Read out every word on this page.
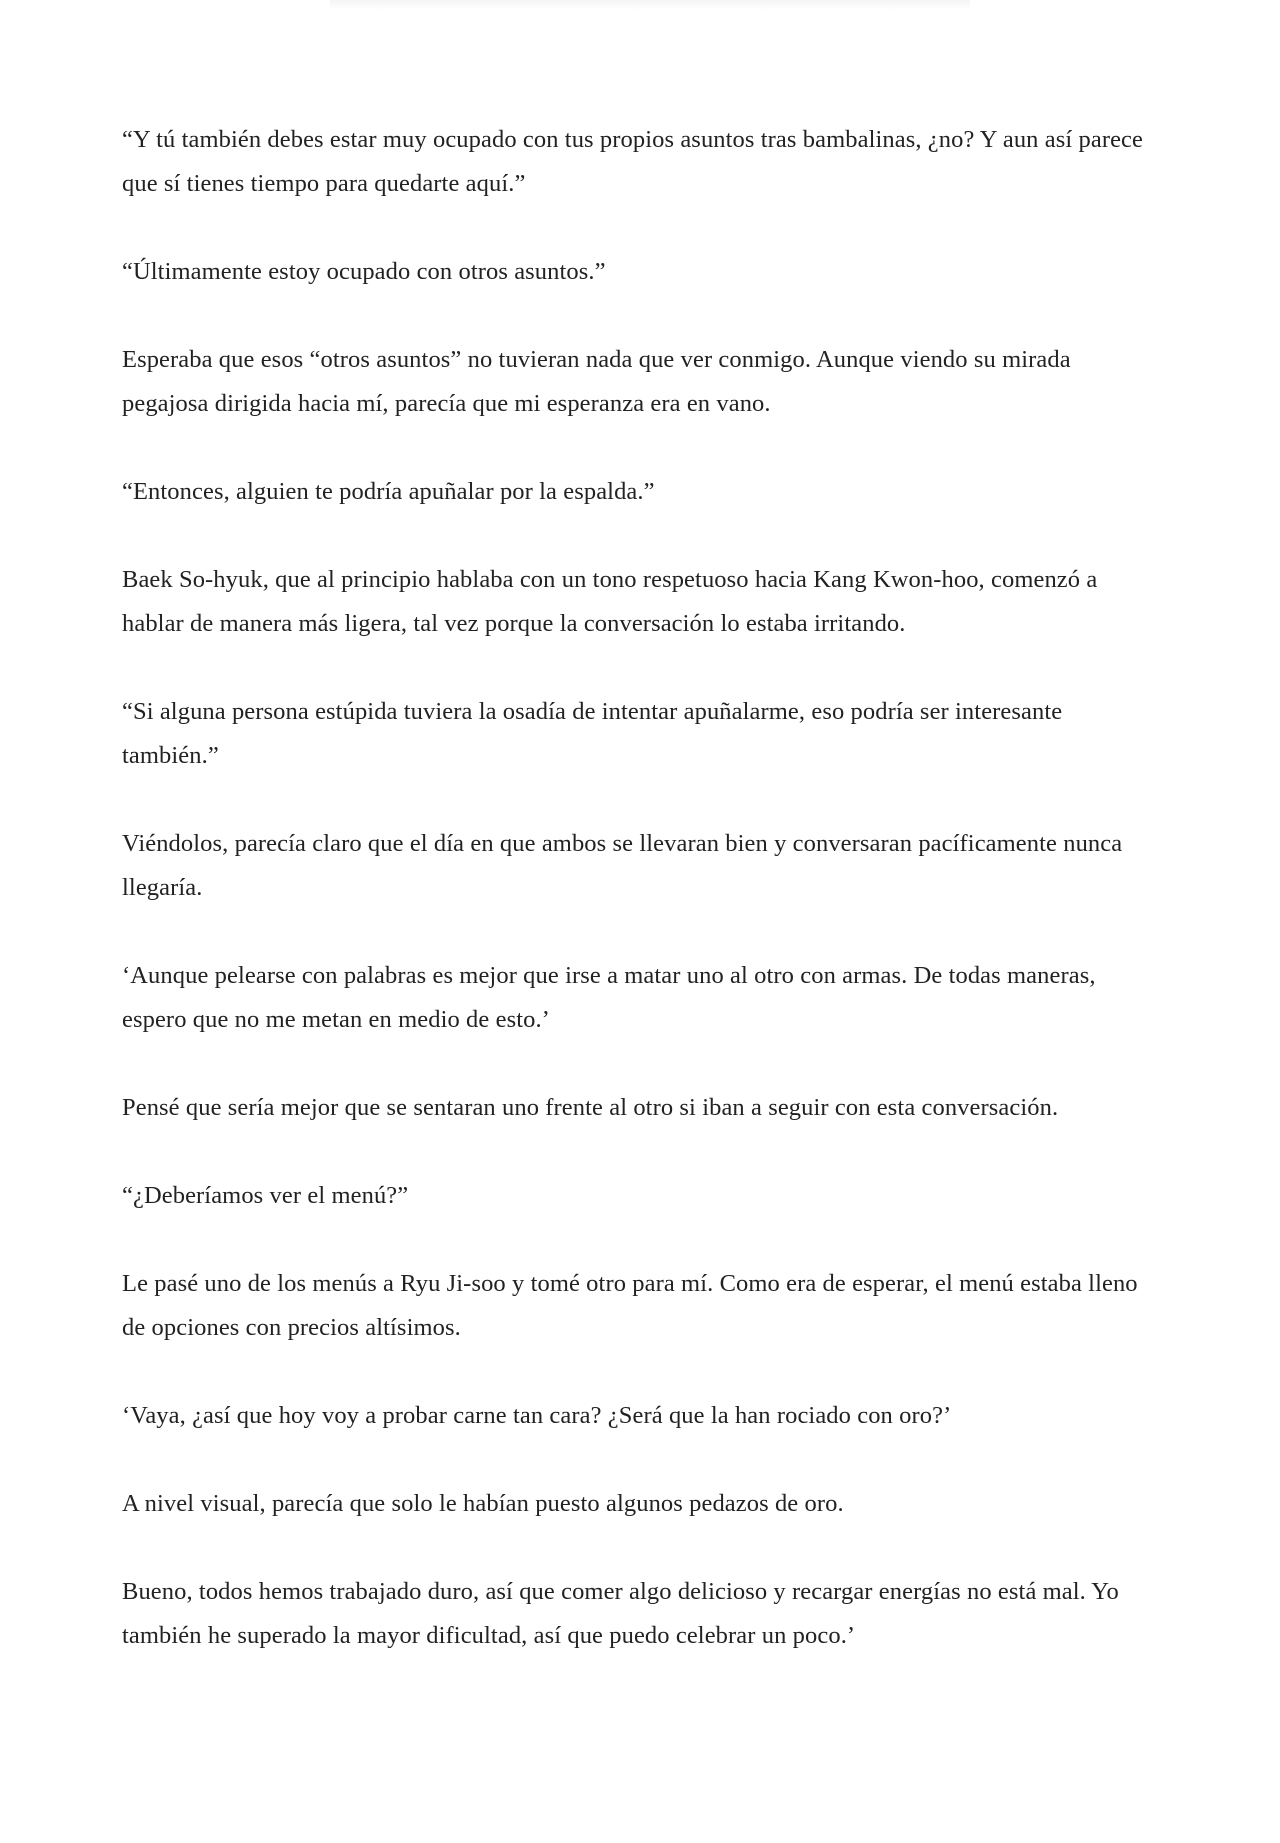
“Y tú también debes estar muy ocupado con tus propios asuntos tras bambalinas, ¿no? Y aun así parece que sí tienes tiempo para quedarte aquí.”

“Últimamente estoy ocupado con otros asuntos.”

Esperaba que esos “otros asuntos” no tuvieran nada que ver conmigo. Aunque viendo su mirada pegajosa dirigida hacia mí, parecía que mi esperanza era en vano.

“Entonces, alguien te podría apuñalar por la espalda.”

Baek So-hyuk, que al principio hablaba con un tono respetuoso hacia Kang Kwon-hoo, comenzó a hablar de manera más ligera, tal vez porque la conversación lo estaba irritando.

“Si alguna persona estúpida tuviera la osadía de intentar apuñalarme, eso podría ser interesante también.”

Viéndolos, parecía claro que el día en que ambos se llevaran bien y conversaran pacíficamente nunca llegaría.

‘Aunque pelearse con palabras es mejor que irse a matar uno al otro con armas. De todas maneras, espero que no me metan en medio de esto.’

Pensé que sería mejor que se sentaran uno frente al otro si iban a seguir con esta conversación.

“¿Deberíamos ver el menú?”

Le pasé uno de los menús a Ryu Ji-soo y tomé otro para mí. Como era de esperar, el menú estaba lleno de opciones con precios altísimos.

‘Vaya, ¿así que hoy voy a probar carne tan cara? ¿Será que la han rociado con oro?’

A nivel visual, parecía que solo le habían puesto algunos pedazos de oro.

Bueno, todos hemos trabajado duro, así que comer algo delicioso y recargar energías no está mal. Yo también he superado la mayor dificultad, así que puedo celebrar un poco.’
